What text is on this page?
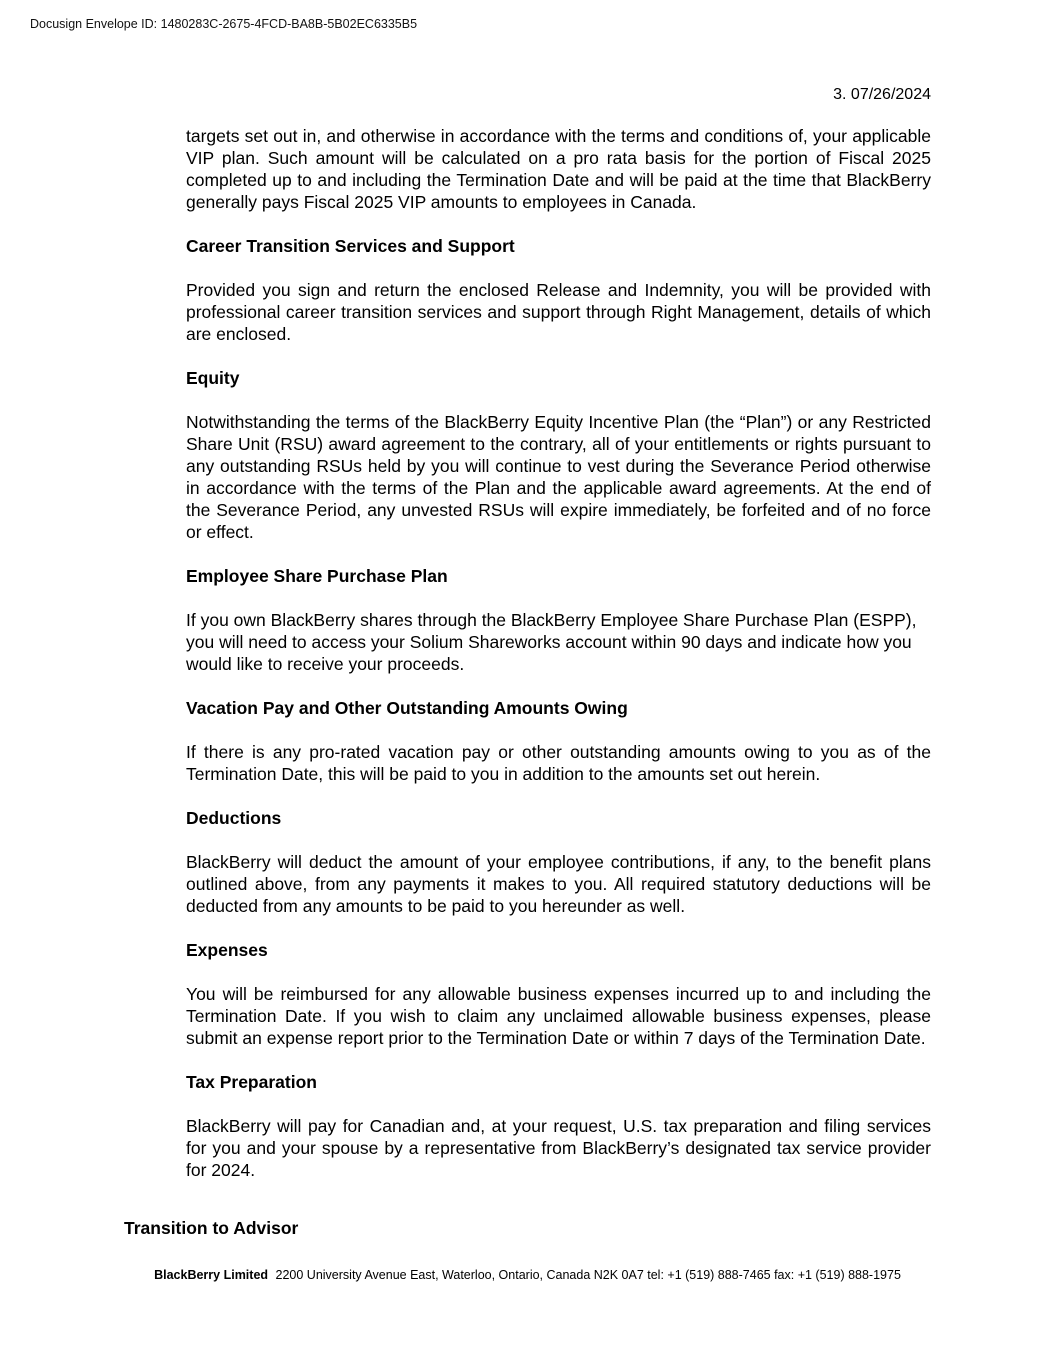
Docusign Envelope ID: 1480283C-2675-4FCD-BA8B-5B02EC6335B5
3. 07/26/2024
targets set out in, and otherwise in accordance with the terms and conditions of, your applicable VIP plan. Such amount will be calculated on a pro rata basis for the portion of Fiscal 2025 completed up to and including the Termination Date and will be paid at the time that BlackBerry generally pays Fiscal 2025 VIP amounts to employees in Canada.
Career Transition Services and Support
Provided you sign and return the enclosed Release and Indemnity, you will be provided with professional career transition services and support through Right Management, details of which are enclosed.
Equity
Notwithstanding the terms of the BlackBerry Equity Incentive Plan (the “Plan”) or any Restricted Share Unit (RSU) award agreement to the contrary, all of your entitlements or rights pursuant to any outstanding RSUs held by you will continue to vest during the Severance Period otherwise in accordance with the terms of the Plan and the applicable award agreements. At the end of the Severance Period, any unvested RSUs will expire immediately, be forfeited and of no force or effect.
Employee Share Purchase Plan
If you own BlackBerry shares through the BlackBerry Employee Share Purchase Plan (ESPP), you will need to access your Solium Shareworks account within 90 days and indicate how you would like to receive your proceeds.
Vacation Pay and Other Outstanding Amounts Owing
If there is any pro-rated vacation pay or other outstanding amounts owing to you as of the Termination Date, this will be paid to you in addition to the amounts set out herein.
Deductions
BlackBerry will deduct the amount of your employee contributions, if any, to the benefit plans outlined above, from any payments it makes to you. All required statutory deductions will be deducted from any amounts to be paid to you hereunder as well.
Expenses
You will be reimbursed for any allowable business expenses incurred up to and including the Termination Date. If you wish to claim any unclaimed allowable business expenses, please submit an expense report prior to the Termination Date or within 7 days of the Termination Date.
Tax Preparation
BlackBerry will pay for Canadian and, at your request, U.S. tax preparation and filing services for you and your spouse by a representative from BlackBerry’s designated tax service provider for 2024.
Transition to Advisor
BlackBerry Limited 2200 University Avenue East, Waterloo, Ontario, Canada N2K 0A7 tel: +1 (519) 888-7465 fax: +1 (519) 888-1975
